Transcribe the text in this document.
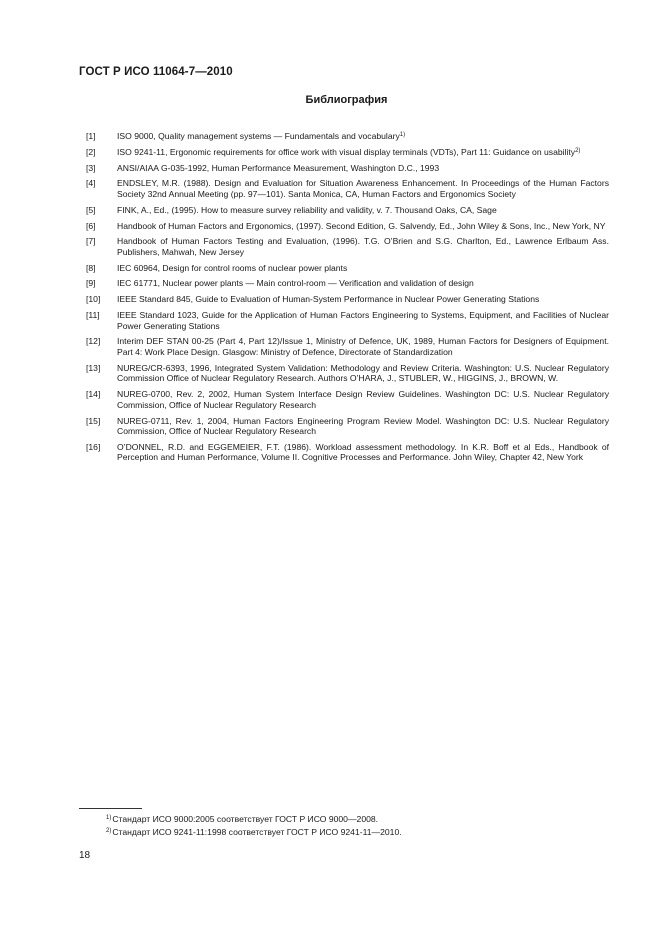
ГОСТ Р ИСО 11064-7—2010
Библиография
[1]	ISO 9000, Quality management systems — Fundamentals and vocabulary$^{1)}$
[2]	ISO 9241-11, Ergonomic requirements for office work with visual display terminals (VDTs), Part 11: Guidance on usability$^{2)}$
[3]	ANSI/AIAA G-035-1992, Human Performance Measurement, Washington D.C., 1993
[4]	ENDSLEY, M.R. (1988). Design and Evaluation for Situation Awareness Enhancement. In Proceedings of the Human Factors Society 32nd Annual Meeting (pp. 97—101). Santa Monica, CA, Human Factors and Ergonomics Society
[5]	FINK, A., Ed., (1995). How to measure survey reliability and validity, v. 7. Thousand Oaks, CA, Sage
[6]	Handbook of Human Factors and Ergonomics, (1997). Second Edition, G. Salvendy, Ed., John Wiley & Sons, Inc., New York, NY
[7]	Handbook of Human Factors Testing and Evaluation, (1996). T.G. O’Brien and S.G. Charlton, Ed., Lawrence Erlbaum Ass. Publishers, Mahwah, New Jersey
[8]	IEC 60964, Design for control rooms of nuclear power plants
[9]	IEC 61771, Nuclear power plants — Main control-room — Verification and validation of design
[10]	IEEE Standard 845, Guide to Evaluation of Human-System Performance in Nuclear Power Generating Stations
[11]	IEEE Standard 1023, Guide for the Application of Human Factors Engineering to Systems, Equipment, and Facilities of Nuclear Power Generating Stations
[12]	Interim DEF STAN 00-25 (Part 4, Part 12)/Issue 1, Ministry of Defence, UK, 1989, Human Factors for Designers of Equipment. Part 4: Work Place Design. Glasgow: Ministry of Defence, Directorate of Standardization
[13]	NUREG/CR-6393, 1996, Integrated System Validation: Methodology and Review Criteria. Washington: U.S. Nuclear Regulatory Commission Office of Nuclear Regulatory Research. Authors O’HARA, J., STUBLER, W., HIGGINS, J., BROWN, W.
[14]	NUREG-0700, Rev. 2, 2002, Human System Interface Design Review Guidelines. Washington DC: U.S. Nuclear Regulatory Commission, Office of Nuclear Regulatory Research
[15]	NUREG-0711, Rev. 1, 2004, Human Factors Engineering Program Review Model. Washington DC: U.S. Nuclear Regulatory Commission, Office of Nuclear Regulatory Research
[16]	O’DONNEL, R.D. and EGGEMEIER, F.T. (1986). Workload assessment methodology. In K.R. Boff et al Eds., Handbook of Perception and Human Performance, Volume II. Cognitive Processes and Performance. John Wiley, Chapter 42, New York
$^{1)}$Стандарт ИСО 9000:2005 соответствует ГОСТ Р ИСО 9000—2008.
$^{2)}$Стандарт ИСО 9241-11:1998 соответствует ГОСТ Р ИСО 9241-11—2010.
18
